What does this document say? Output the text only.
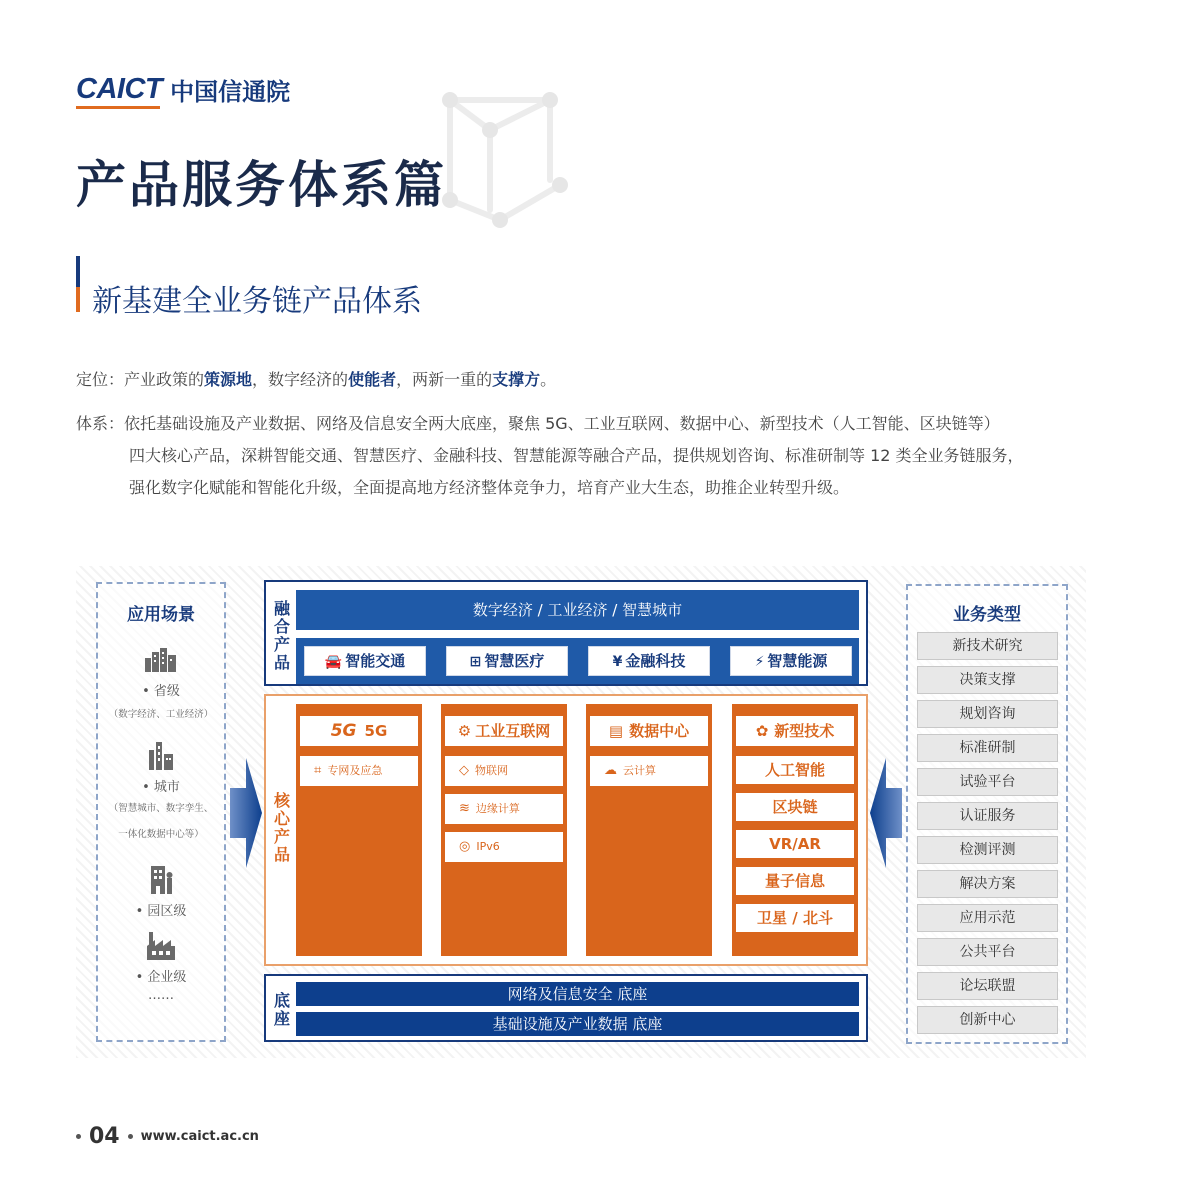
CAICT 中国信通院
产品服务体系篇
新基建全业务链产品体系
定位：产业政策的策源地，数字经济的使能者，两新一重的支撑方。
体系：依托基础设施及产业数据、网络及信息安全两大底座，聚焦 5G、工业互联网、数据中心、新型技术（人工智能、区块链等）
四大核心产品，深耕智能交通、智慧医疗、金融科技、智慧能源等融合产品，提供规划咨询、标准研制等 12 类全业务链服务，
强化数字化赋能和智能化升级，全面提高地方经济整体竞争力，培育产业大生态，助推企业转型升级。
应用场景
• 省级
（数字经济、工业经济）
• 城市
（智慧城市、数字孪生、
一体化数据中心等）
• 园区级
• 企业级
……
融合产品
数字经济 / 工业经济 / 智慧城市
🚘 智能交通	⊞ 智慧医疗	¥ 金融科技	⚡ 智慧能源
核心产品
5G 5G
⌗ 专网及应急
⚙ 工业互联网
◇ 物联网
≋ 边缘计算
◎ IPv6
▤ 数据中心
☁ 云计算
✿ 新型技术
人工智能
区块链
VR/AR
量子信息
卫星 / 北斗
底座
网络及信息安全 底座
基础设施及产业数据 底座
业务类型
新技术研究
决策支撑
规划咨询
标准研制
试验平台
认证服务
检测评测
解决方案
应用示范
公共平台
论坛联盟
创新中心
04 www.caict.ac.cn
